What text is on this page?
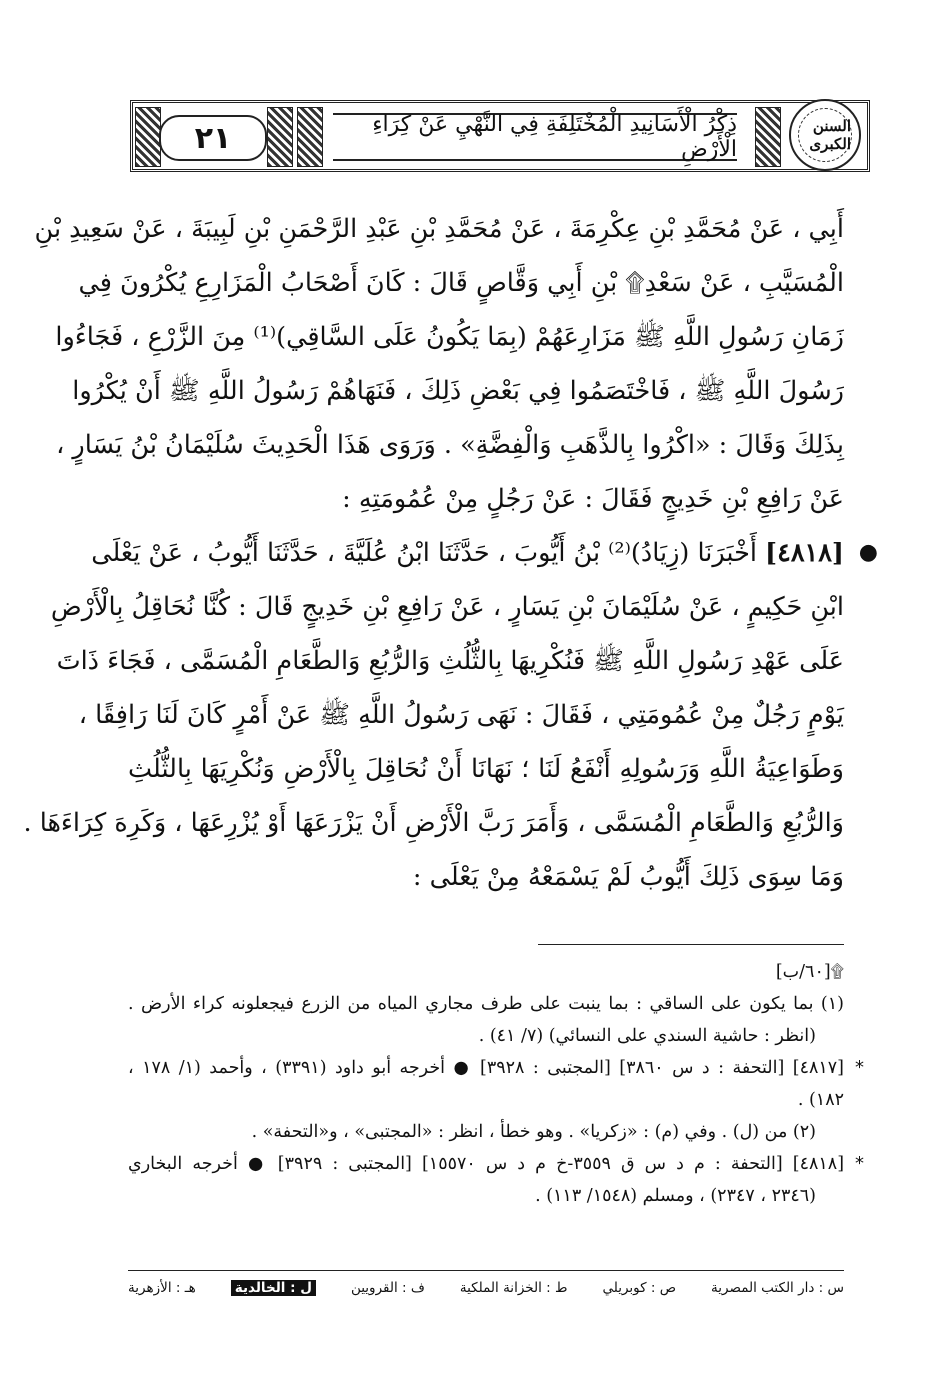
٢١	ذِكْرُ الْأَسَانِيدِ الْمُخْتَلِفَةِ فِي النَّهْيِ عَنْ كِرَاءِ الْأَرْضِ
السنن الكبرى
أَبِي ، عَنْ مُحَمَّدِ بْنِ عِكْرِمَةَ ، عَنْ مُحَمَّدِ بْنِ عَبْدِ الرَّحْمَنِ بْنِ لَبِيبَةَ ، عَنْ سَعِيدِ بْنِ
الْمُسَيَّبِ ، عَنْ سَعْدِ۩ بْنِ أَبِي وَقَّاصٍ قَالَ : كَانَ أَصْحَابُ الْمَزَارِعِ يُكْرُونَ فِي
زَمَانِ رَسُولِ اللَّهِ ﷺ مَزَارِعَهُمْ (بِمَا يَكُونُ عَلَى السَّاقِي)⁽¹⁾ مِنَ الزَّرْعِ ، فَجَاءُوا
رَسُولَ اللَّهِ ﷺ ، فَاخْتَصَمُوا فِي بَعْضِ ذَلِكَ ، فَنَهَاهُمْ رَسُولُ اللَّهِ ﷺ أَنْ يُكْرُوا
بِذَلِكَ وَقَالَ : «اكْرُوا بِالذَّهَبِ وَالْفِضَّةِ» . وَرَوَى هَذَا الْحَدِيثَ سُلَيْمَانُ بْنُ يَسَارٍ ،
عَنْ رَافِعِ بْنِ خَدِيجٍ فَقَالَ : عَنْ رَجُلٍ مِنْ عُمُومَتِهِ :
●
[٤٨١٨] أَخْبَرَنَا (زِيَادُ)⁽²⁾ بْنُ أَيُّوبَ ، حَدَّثَنَا ابْنُ عُلَيَّةَ ، حَدَّثَنَا أَيُّوبُ ، عَنْ يَعْلَى
ابْنِ حَكِيمٍ ، عَنْ سُلَيْمَانَ بْنِ يَسَارٍ ، عَنْ رَافِعِ بْنِ خَدِيجٍ قَالَ : كُنَّا نُحَاقِلُ بِالْأَرْضِ
عَلَى عَهْدِ رَسُولِ اللَّهِ ﷺ فَنُكْرِيهَا بِالثُّلُثِ وَالرُّبُعِ وَالطَّعَامِ الْمُسَمَّى ، فَجَاءَ ذَاتَ
يَوْمٍ رَجُلٌ مِنْ عُمُومَتِي ، فَقَالَ : نَهَى رَسُولُ اللَّهِ ﷺ عَنْ أَمْرٍ كَانَ لَنَا رَافِقًا ،
وَطَوَاعِيَةُ اللَّهِ وَرَسُولِهِ أَنْفَعُ لَنَا ؛ نَهَانَا أَنْ نُحَاقِلَ بِالْأَرْضِ وَنُكْرِيَهَا بِالثُّلُثِ
وَالرُّبُعِ وَالطَّعَامِ الْمُسَمَّى ، وَأَمَرَ رَبَّ الْأَرْضِ أَنْ يَزْرَعَهَا أَوْ يُزْرِعَهَا ، وَكَرِهَ كِرَاءَهَا .
وَمَا سِوَى ذَلِكَ أَيُّوبُ لَمْ يَسْمَعْهُ مِنْ يَعْلَى :
۩[٦٠/ب]
(١) بما يكون على الساقي : بما ينبت على طرف مجاري المياه من الزرع فيجعلونه كراء الأرض .
(انظر : حاشية السندي على النسائي) (٧/ ٤١) .
*
[٤٨١٧] [التحفة : د س ٣٨٦٠] [المجتبى : ٣٩٢٨] ● أخرجه أبو داود (٣٣٩١) ، وأحمد (١/ ١٧٨ ،
١٨٢) .
(٢) من (ل) . وفي (م) : «زكريا» . وهو خطأ ، انظر : «المجتبى» ، و«التحفة» .
*
[٤٨١٨] [التحفة : م د س ق ٣٥٥٩-خ م د س ١٥٥٧٠] [المجتبى : ٣٩٢٩] ● أخرجه البخاري
(٢٣٤٦ ، ٢٣٤٧) ، ومسلم (١٥٤٨/ ١١٣) .
س : دار الكتب المصرية
ص : كوبريلي
ط : الخزانة الملكية
ف : القرويين
ل : الخالدية
هـ : الأزهرية
